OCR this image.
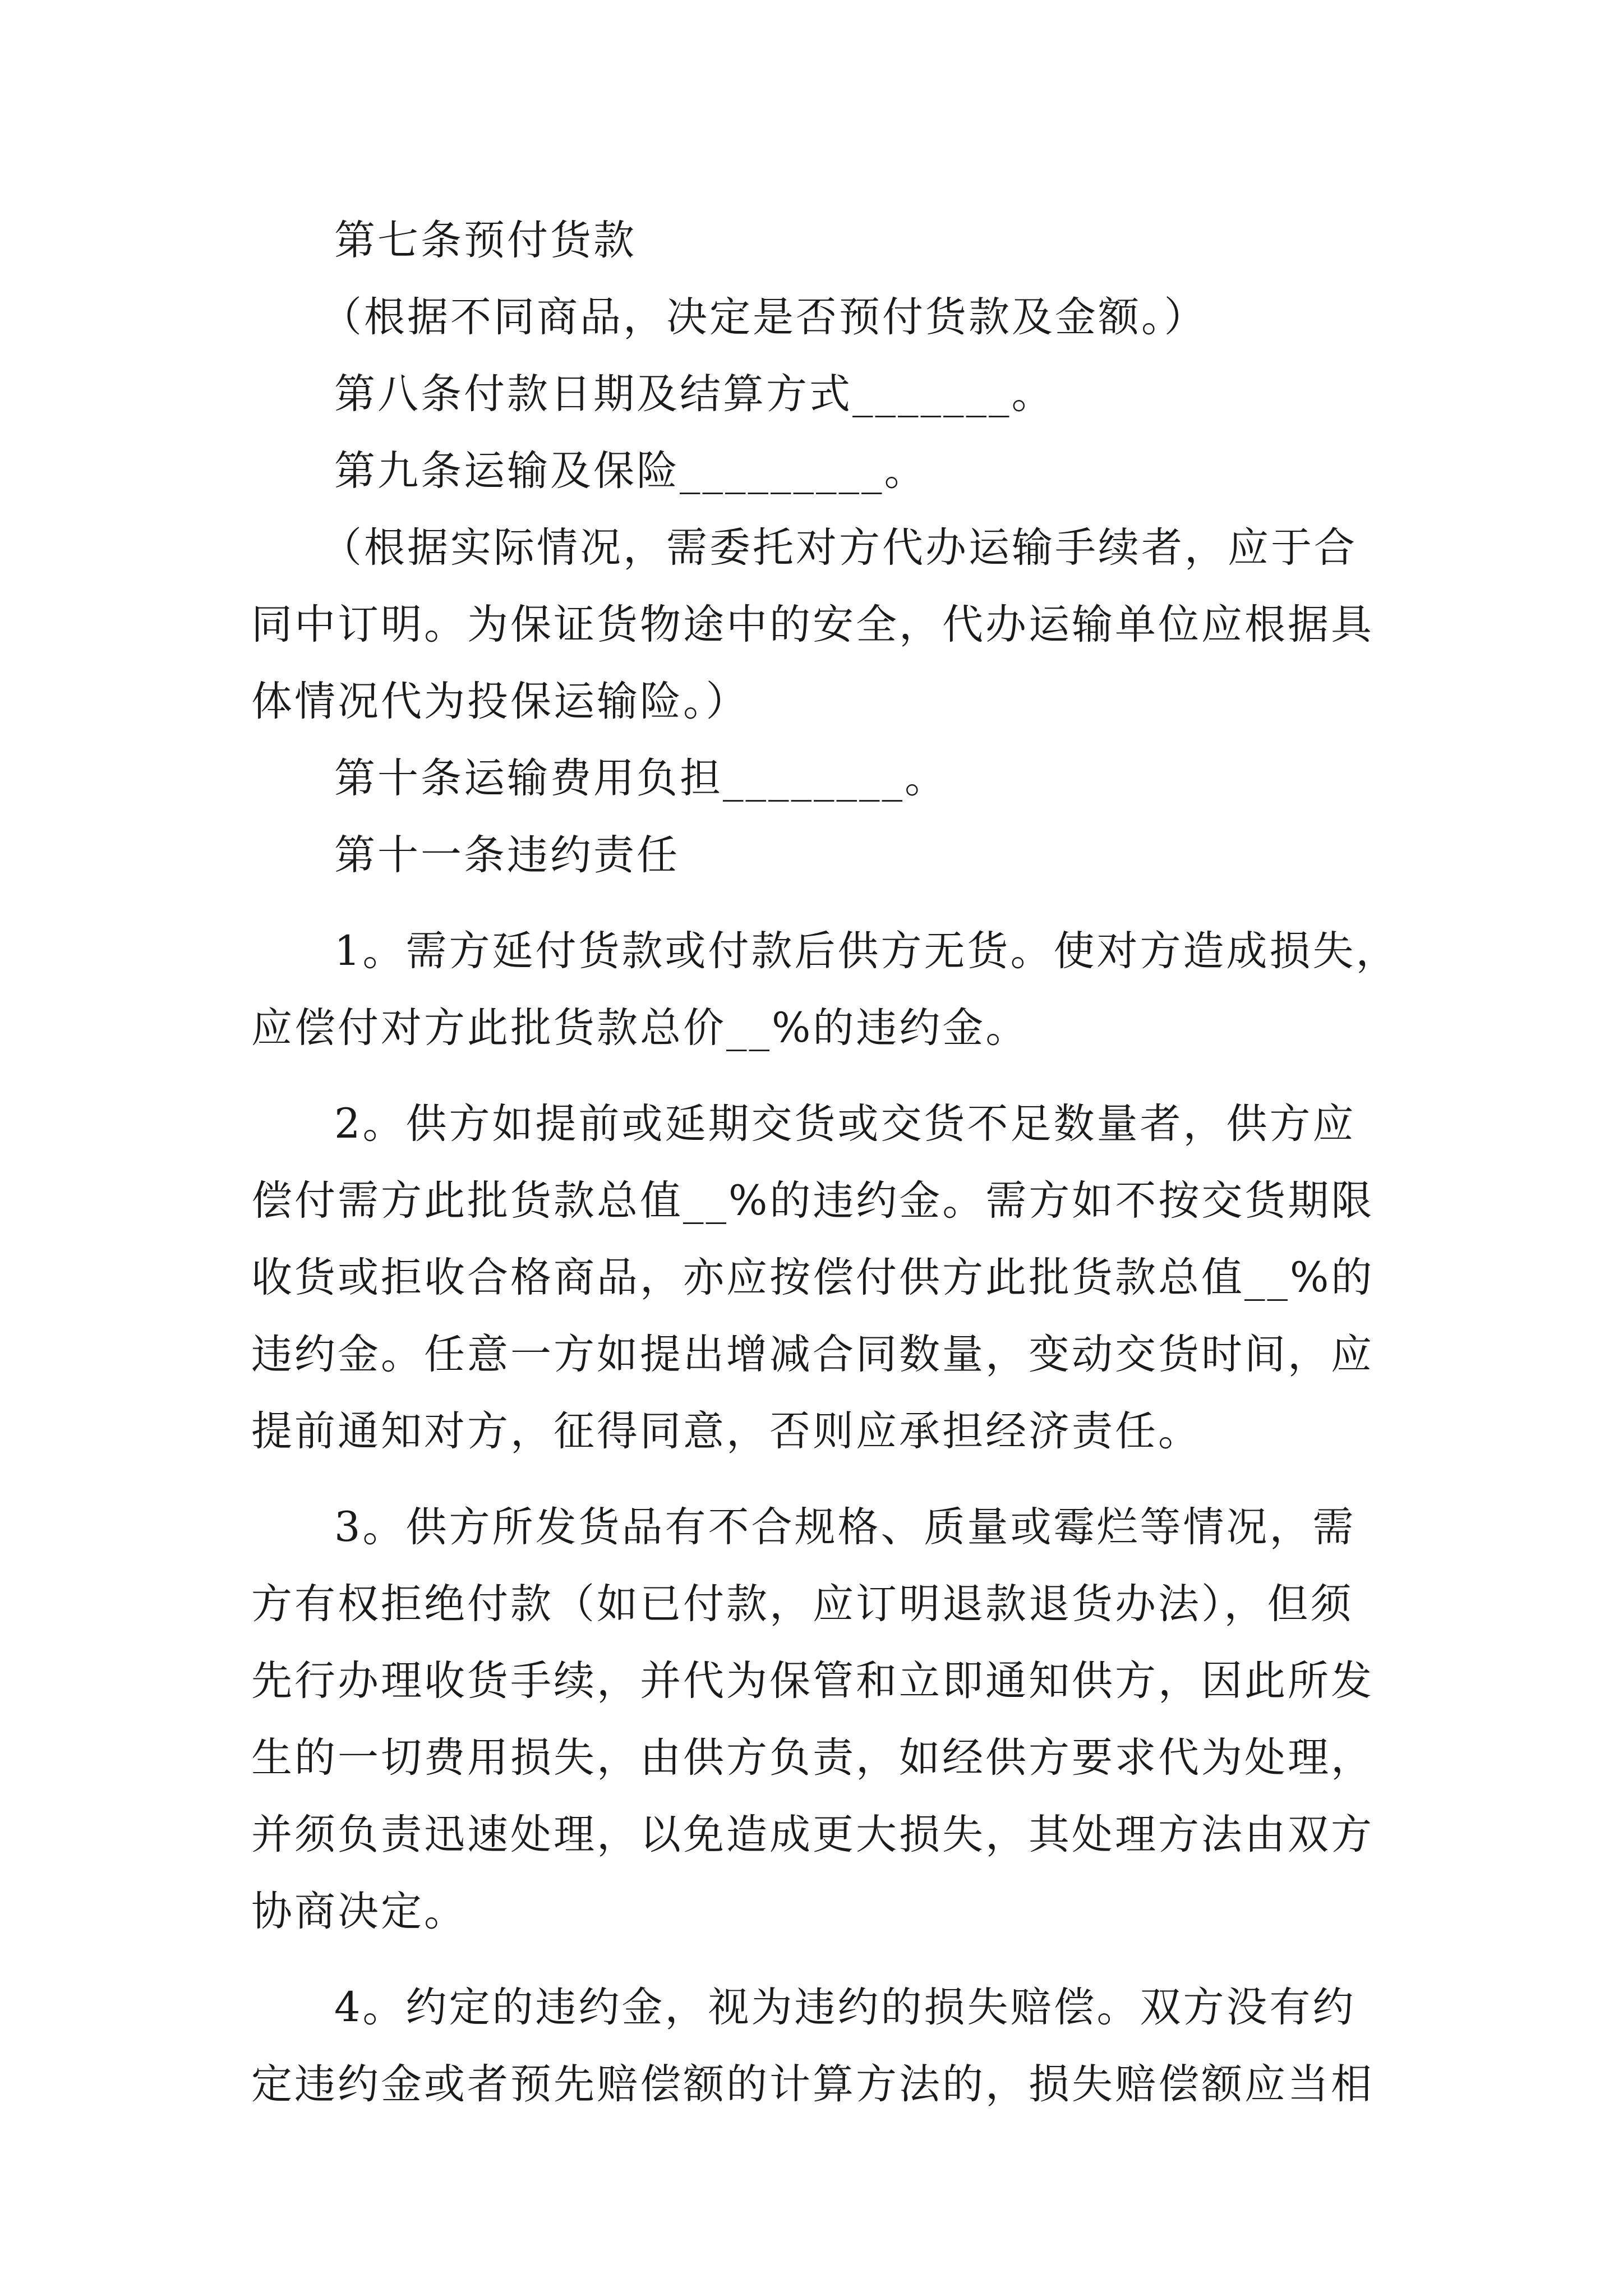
第七条预付货款
（根据不同商品，决定是否预付货款及金额。）
第八条付款日期及结算方式_______。
第九条运输及保险_________。
（根据实际情况，需委托对方代办运输手续者，应于合
同中订明。为保证货物途中的安全，代办运输单位应根据具
体情况代为投保运输险。）
第十条运输费用负担________。
第十一条违约责任
1。需方延付货款或付款后供方无货。使对方造成损失，
应偿付对方此批货款总价__%的违约金。
2。供方如提前或延期交货或交货不足数量者，供方应
偿付需方此批货款总值__%的违约金。需方如不按交货期限
收货或拒收合格商品，亦应按偿付供方此批货款总值__%的
违约金。任意一方如提出增减合同数量，变动交货时间，应
提前通知对方，征得同意，否则应承担经济责任。
3。供方所发货品有不合规格、质量或霉烂等情况，需
方有权拒绝付款（如已付款，应订明退款退货办法），但须
先行办理收货手续，并代为保管和立即通知供方，因此所发
生的一切费用损失，由供方负责，如经供方要求代为处理，
并须负责迅速处理，以免造成更大损失，其处理方法由双方
协商决定。
4。约定的违约金，视为违约的损失赔偿。双方没有约
定违约金或者预先赔偿额的计算方法的，损失赔偿额应当相
